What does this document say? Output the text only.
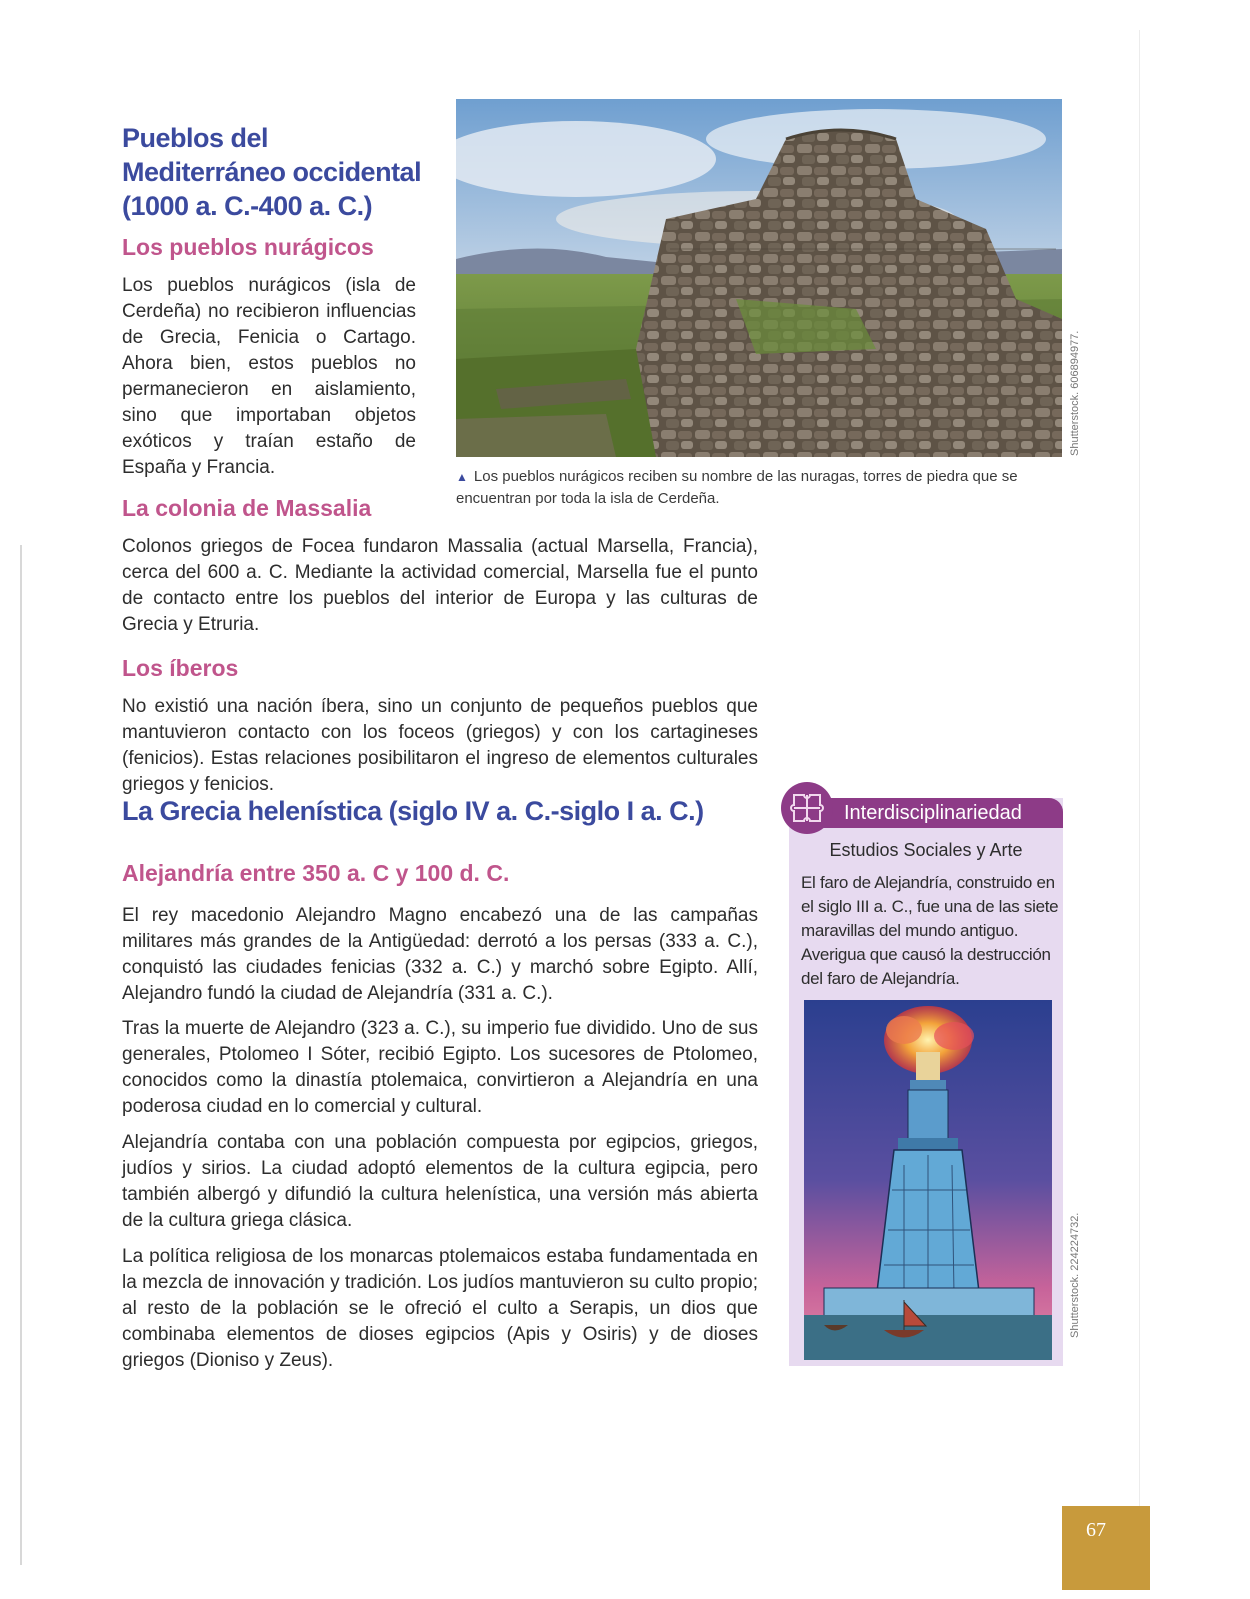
Pueblos del Mediterráneo occidental (1000 a. C.-400 a. C.)
Los pueblos nurágicos

Los pueblos nurágicos (isla de Cerdeña) no recibieron influencias de Grecia, Fenicia o Cartago. Ahora bien, estos pueblos no permanecieron en aislamiento, sino que importaban objetos exóticos y traían estaño de España y Francia.

Shutterstock. 606894977.

▲ Los pueblos nurágicos reciben su nombre de las nuragas, torres de piedra que se encuentran por toda la isla de Cerdeña.

La colonia de Massalia

Colonos griegos de Focea fundaron Massalia (actual Marsella, Francia), cerca del 600 a. C. Mediante la actividad comercial, Marsella fue el punto de contacto entre los pueblos del interior de Europa y las culturas de Grecia y Etruria.

Los íberos

No existió una nación íbera, sino un conjunto de pequeños pueblos que mantuvieron contacto con los foceos (griegos) y con los cartagineses (fenicios). Estas relaciones posibilitaron el ingreso de elementos culturales griegos y fenicios.

La Grecia helenística (siglo IV a. C.-siglo I a. C.)
Alejandría entre 350 a. C y 100 d. C.

El rey macedonio Alejandro Magno encabezó una de las campañas militares más grandes de la Antigüedad: derrotó a los persas (333 a. C.), conquistó las ciudades fenicias (332 a. C.) y marchó sobre Egipto. Allí, Alejandro fundó la ciudad de Alejandría (331 a. C.).

Tras la muerte de Alejandro (323 a. C.), su imperio fue dividido. Uno de sus generales, Ptolomeo I Sóter, recibió Egipto. Los sucesores de Ptolomeo, conocidos como la dinastía ptolemaica, convirtieron a Alejandría en una poderosa ciudad en lo comercial y cultural.

Alejandría contaba con una población compuesta por egipcios, griegos, judíos y sirios. La ciudad adoptó elementos de la cultura egipcia, pero también albergó y difundió la cultura helenística, una versión más abierta de la cultura griega clásica.

La política religiosa de los monarcas ptolemaicos estaba fundamentada en la mezcla de innovación y tradición. Los judíos mantuvieron su culto propio; al resto de la población se le ofreció el culto a Serapis, un dios que combinaba elementos de dioses egipcios (Apis y Osiris) y de dioses griegos (Dioniso y Zeus).

Interdisciplinariedad

Estudios Sociales y Arte

El faro de Alejandría, construido en el siglo III a. C., fue una de las siete maravillas del mundo antiguo. Averigua que causó la destrucción del faro de Alejandría.

Shutterstock. 224224732.
67
